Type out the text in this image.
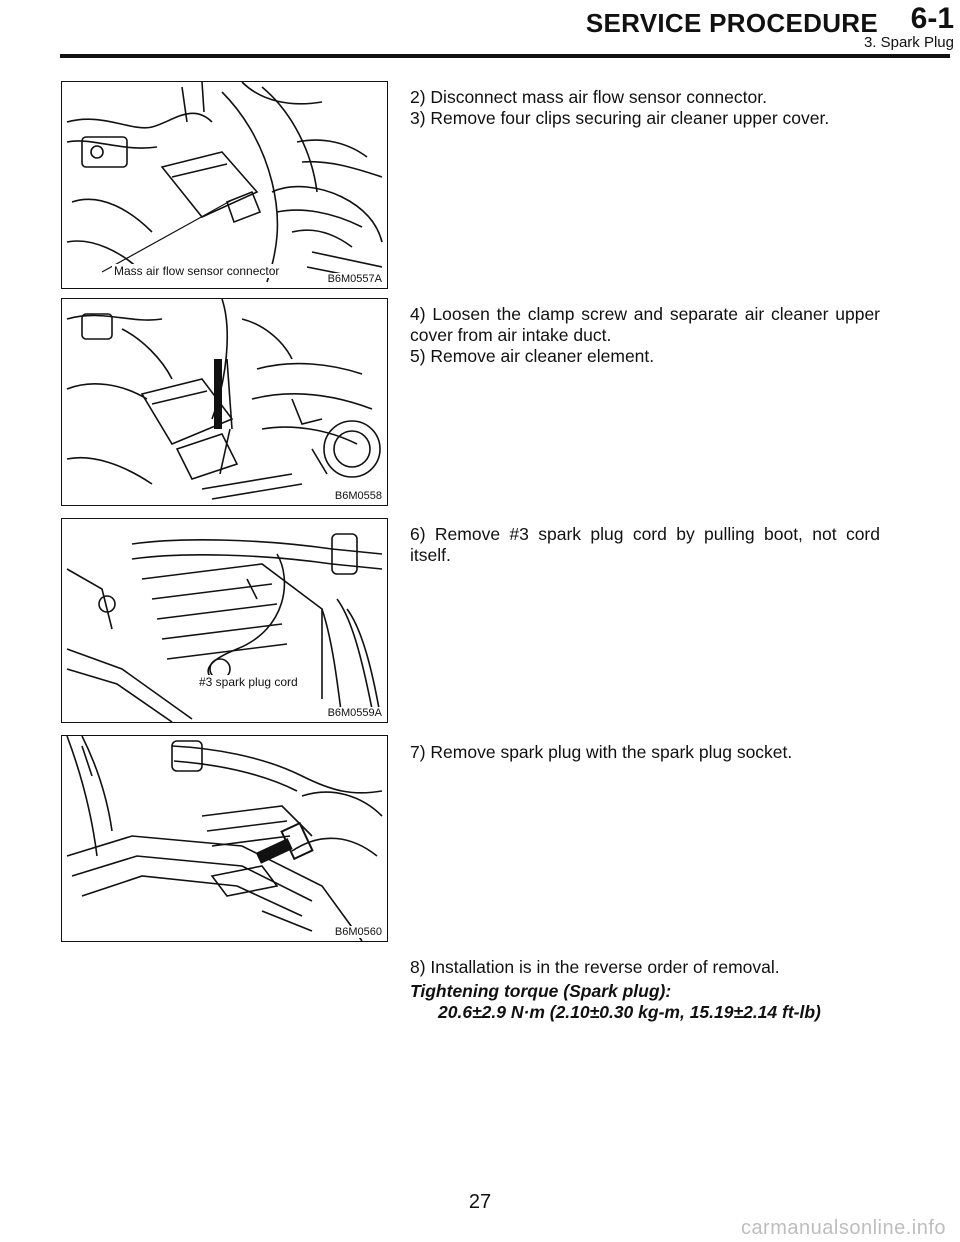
SERVICE PROCEDURE 6-1
3. Spark Plug
Mass air flow sensor connector
B6M0557A
B6M0558
#3 spark plug cord
B6M0559A
B6M0560
2) Disconnect mass air flow sensor connector.
3) Remove four clips securing air cleaner upper cover.
4) Loosen the clamp screw and separate air cleaner upper cover from air intake duct.
5) Remove air cleaner element.
6) Remove #3 spark plug cord by pulling boot, not cord itself.
7) Remove spark plug with the spark plug socket.
8) Installation is in the reverse order of removal.
Tightening torque (Spark plug):
20.6±2.9 N·m (2.10±0.30 kg-m, 15.19±2.14 ft-lb)
27
carmanualsonline.info
